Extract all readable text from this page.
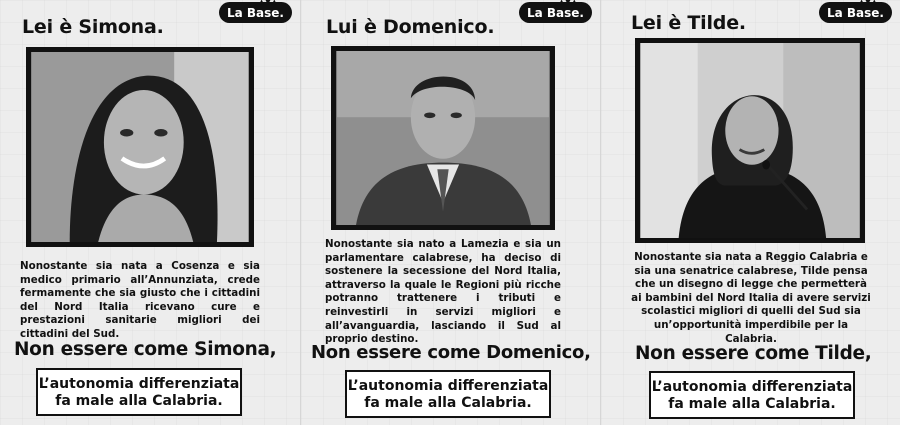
Lei è Simona.
▲▼▲
La Base.
Nonostante sia nata a Cosenza e sia medico primario all’Annunziata, crede fermamente che sia giusto che i cittadini del Nord Italia ricevano cure e prestazioni sanitarie migliori dei cittadini del Sud.
Non essere come Simona,
L’autonomia differenziata
fa male alla Calabria.
Lui è Domenico.
▲▼▲
La Base.
Nonostante sia nato a Lamezia e sia un parlamentare calabrese, ha deciso di sostenere la secessione del Nord Italia, attraverso la quale le Regioni più ricche potranno trattenere i tributi e reinvestirli in servizi migliori e all’avanguardia, lasciando il Sud al proprio destino.
Non essere come Domenico,
L’autonomia differenziata
fa male alla Calabria.
Lei è Tilde.
▲▼▲
La Base.
Nonostante sia nata a Reggio Calabria e sia una senatrice calabrese, Tilde pensa che un disegno di legge che permetterà ai bambini del Nord Italia di avere servizi scolastici migliori di quelli del Sud sia un’opportunità imperdibile per la Calabria.
Non essere come Tilde,
L’autonomia differenziata
fa male alla Calabria.
